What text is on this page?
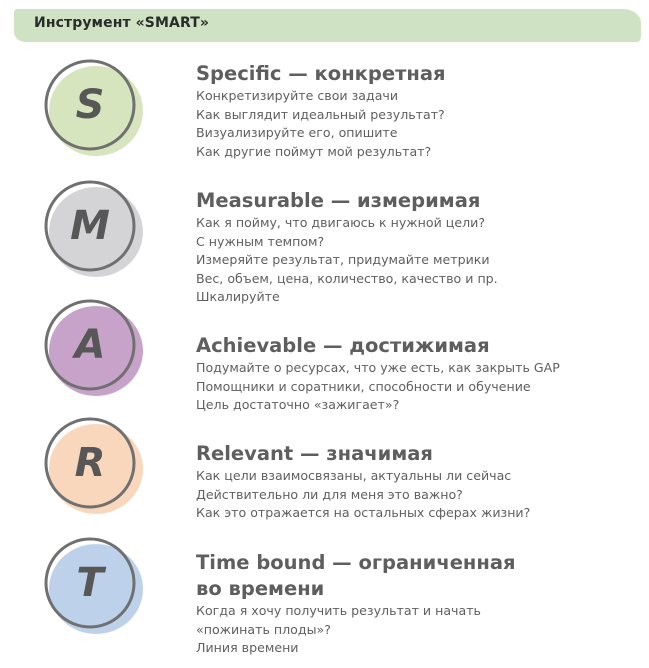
Инструмент «SMART»
S
Specific — конкретная
Конкретизируйте свои задачи
Как выглядит идеальный результат?
Визуализируйте его, опишите
Как другие поймут мой результат?
M
Measurable — измеримая
Как я пойму, что двигаюсь к нужной цели?
С нужным темпом?
Измеряйте результат, придумайте метрики
Вес, объем, цена, количество, качество и пр.
Шкалируйте
A	Achievable — достижимая
Подумайте о ресурсах, что уже есть, как закрыть GAP
Помощники и соратники, способности и обучение
Цель достаточно «зажигает»?
R	Relevant — значимая
Как цели взаимосвязаны, актуальны ли сейчас
Действительно ли для меня это важно?
Как это отражается на остальных сферах жизни?
T	Time bound — ограниченная
во времени
Когда я хочу получить результат и начать
«пожинать плоды»?
Линия времени
